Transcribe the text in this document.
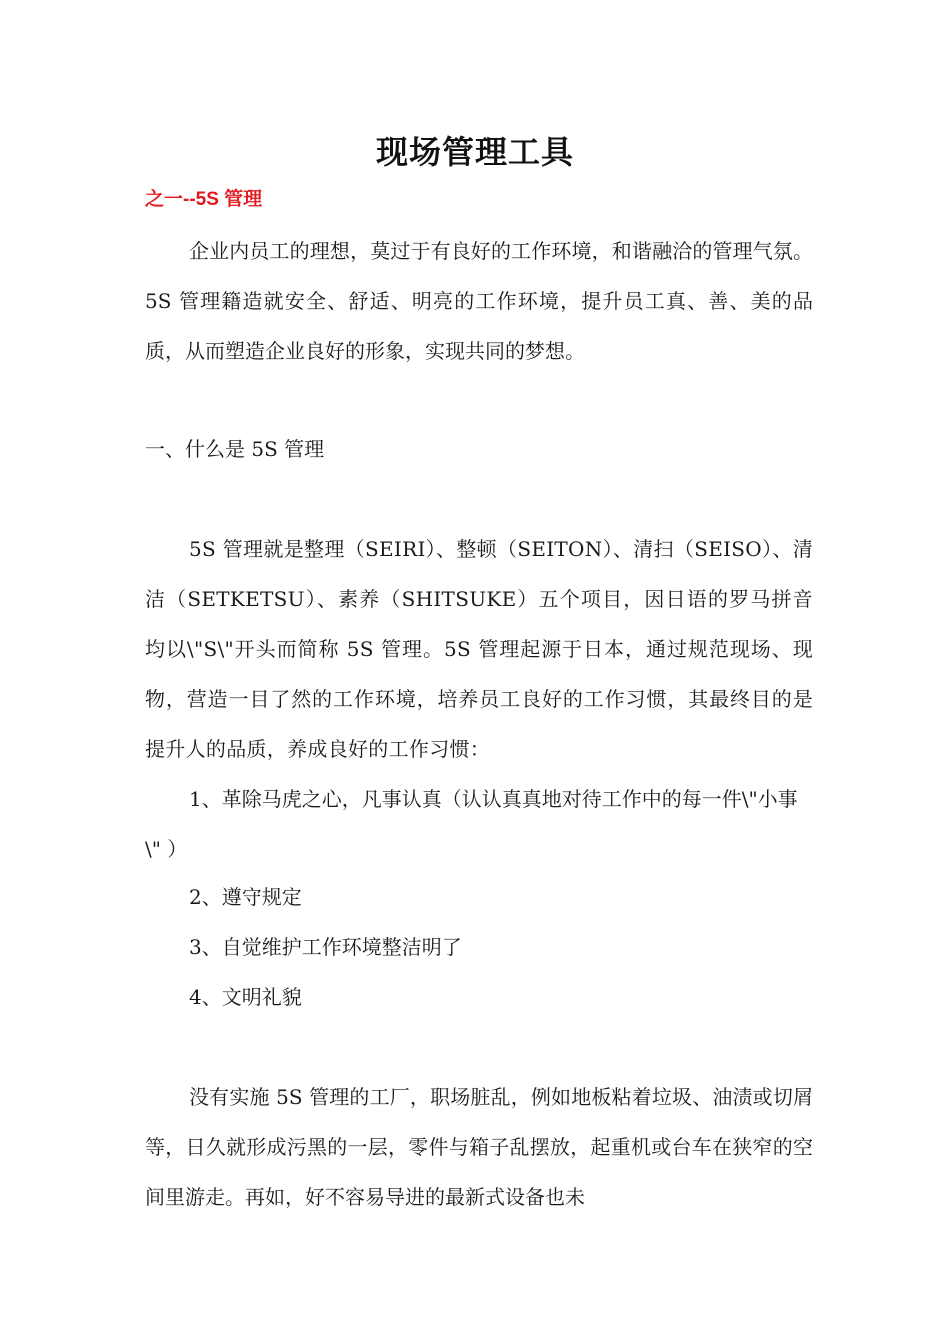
现场管理工具
之一--5S 管理

企业内员工的理想，莫过于有良好的工作环境，和谐融洽的管理气氛。5S 管理籍造就安全、舒适、明亮的工作环境，提升员工真、善、美的品质，从而塑造企业良好的形象，实现共同的梦想。

一、什么是 5S 管理

5S 管理就是整理（SEIRI）、整顿（SEITON）、清扫（SEISO）、清洁（SETKETSU）、素养（SHITSUKE）五个项目，因日语的罗马拼音均以\"S\"开头而简称 5S 管理。5S 管理起源于日本，通过规范现场、现物，营造一目了然的工作环境，培养员工良好的工作习惯，其最终目的是提升人的品质，养成良好的工作习惯：

1、革除马虎之心，凡事认真（认认真真地对待工作中的每一件\"小事\" ）

2、遵守规定

3、自觉维护工作环境整洁明了

4、文明礼貌

没有实施 5S 管理的工厂，职场脏乱，例如地板粘着垃圾、油渍或切屑等，日久就形成污黑的一层，零件与箱子乱摆放，起重机或台车在狭窄的空间里游走。再如，好不容易导进的最新式设备也未
